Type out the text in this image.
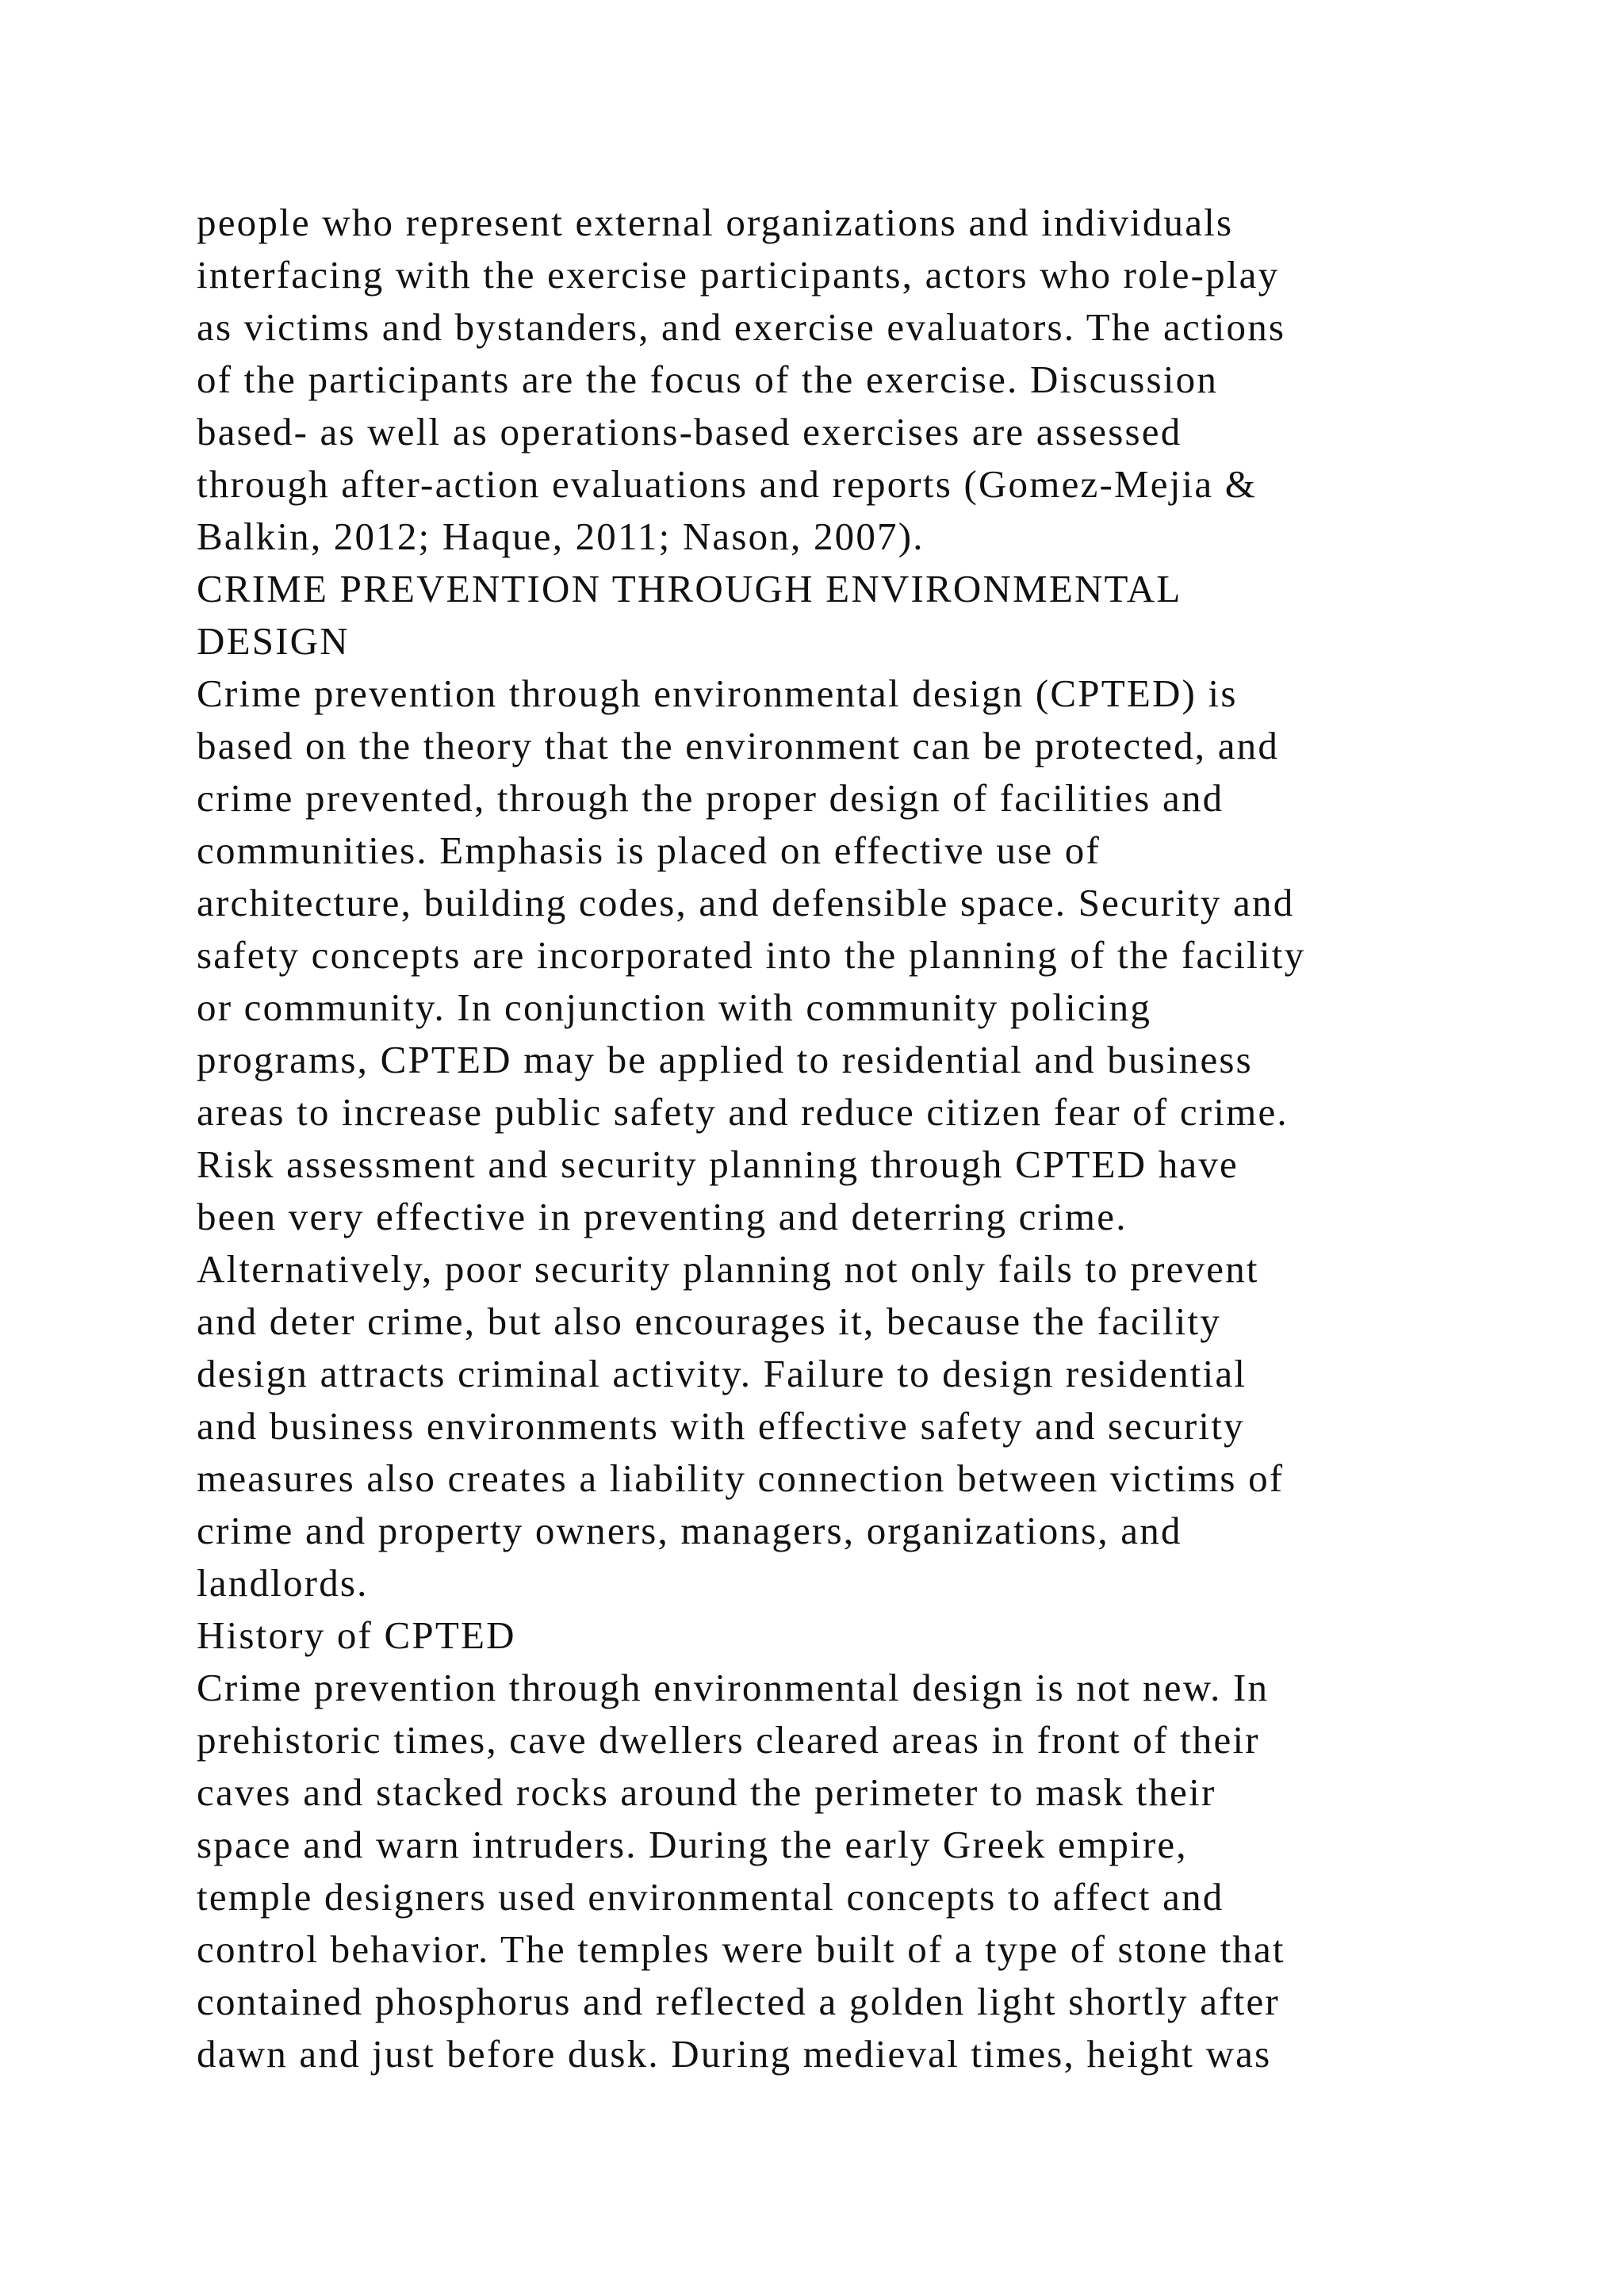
people who represent external organizations and individuals
interfacing with the exercise participants, actors who role-play
as victims and bystanders, and exercise evaluators. The actions
of the participants are the focus of the exercise. Discussion
based- as well as operations-based exercises are assessed
through after-action evaluations and reports (Gomez-Mejia &
Balkin, 2012; Haque, 2011; Nason, 2007).
CRIME PREVENTION THROUGH ENVIRONMENTAL
DESIGN
Crime prevention through environmental design (CPTED) is
based on the theory that the environment can be protected, and
crime prevented, through the proper design of facilities and
communities. Emphasis is placed on effective use of
architecture, building codes, and defensible space. Security and
safety concepts are incorporated into the planning of the facility
or community. In conjunction with community policing
programs, CPTED may be applied to residential and business
areas to increase public safety and reduce citizen fear of crime.
Risk assessment and security planning through CPTED have
been very effective in preventing and deterring crime.
Alternatively, poor security planning not only fails to prevent
and deter crime, but also encourages it, because the facility
design attracts criminal activity. Failure to design residential
and business environments with effective safety and security
measures also creates a liability connection between victims of
crime and property owners, managers, organizations, and
landlords.
History of CPTED
Crime prevention through environmental design is not new. In
prehistoric times, cave dwellers cleared areas in front of their
caves and stacked rocks around the perimeter to mask their
space and warn intruders. During the early Greek empire,
temple designers used environmental concepts to affect and
control behavior. The temples were built of a type of stone that
contained phosphorus and reflected a golden light shortly after
dawn and just before dusk. During medieval times, height was
